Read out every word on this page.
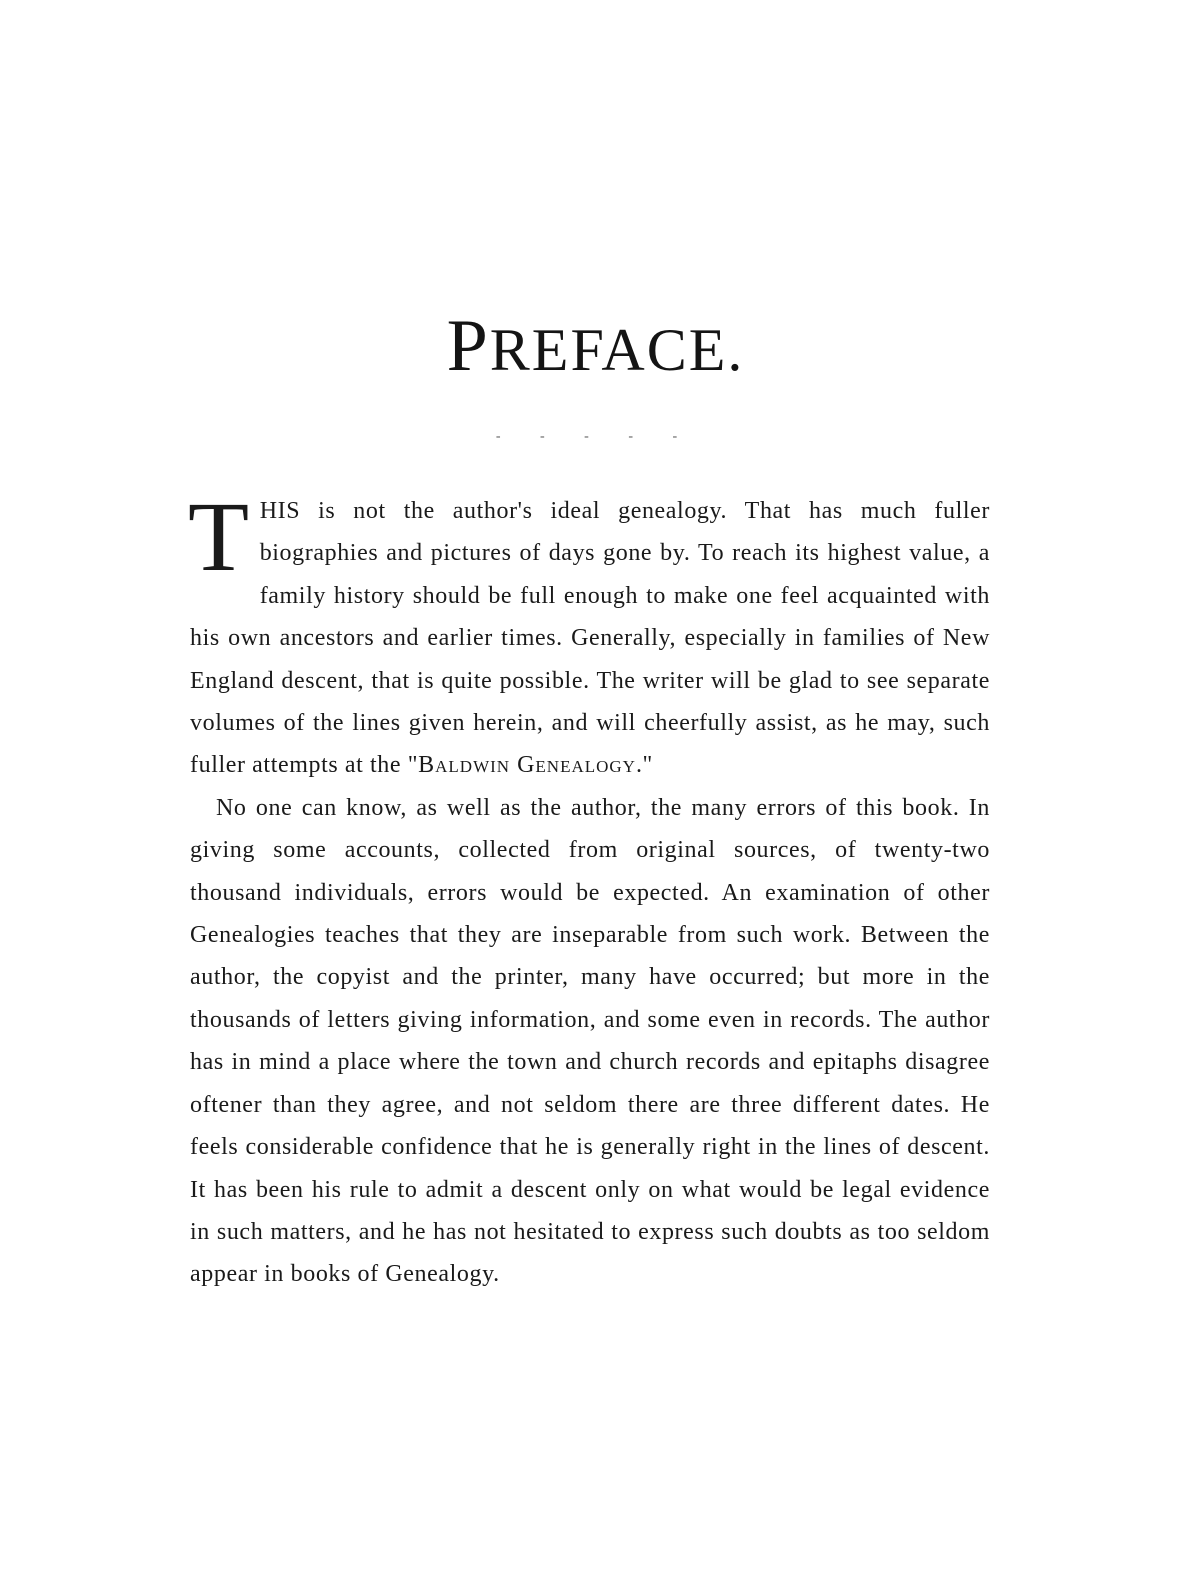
PREFACE.
- - - - -

THIS is not the author's ideal genealogy. That has much fuller biographies and pictures of days gone by. To reach its highest value, a family history should be full enough to make one feel acquainted with his own ancestors and earlier times. Generally, especially in families of New England descent, that is quite possible. The writer will be glad to see separate volumes of the lines given herein, and will cheerfully assist, as he may, such fuller attempts at the "Baldwin Genealogy."

No one can know, as well as the author, the many errors of this book. In giving some accounts, collected from original sources, of twenty-two thousand individuals, errors would be expected. An examination of other Genealogies teaches that they are inseparable from such work. Between the author, the copyist and the printer, many have occurred; but more in the thousands of letters giving information, and some even in records. The author has in mind a place where the town and church records and epitaphs disagree oftener than they agree, and not seldom there are three different dates. He feels considerable confidence that he is generally right in the lines of descent. It has been his rule to admit a descent only on what would be legal evidence in such matters, and he has not hesitated to express such doubts as too seldom appear in books of Genealogy.
